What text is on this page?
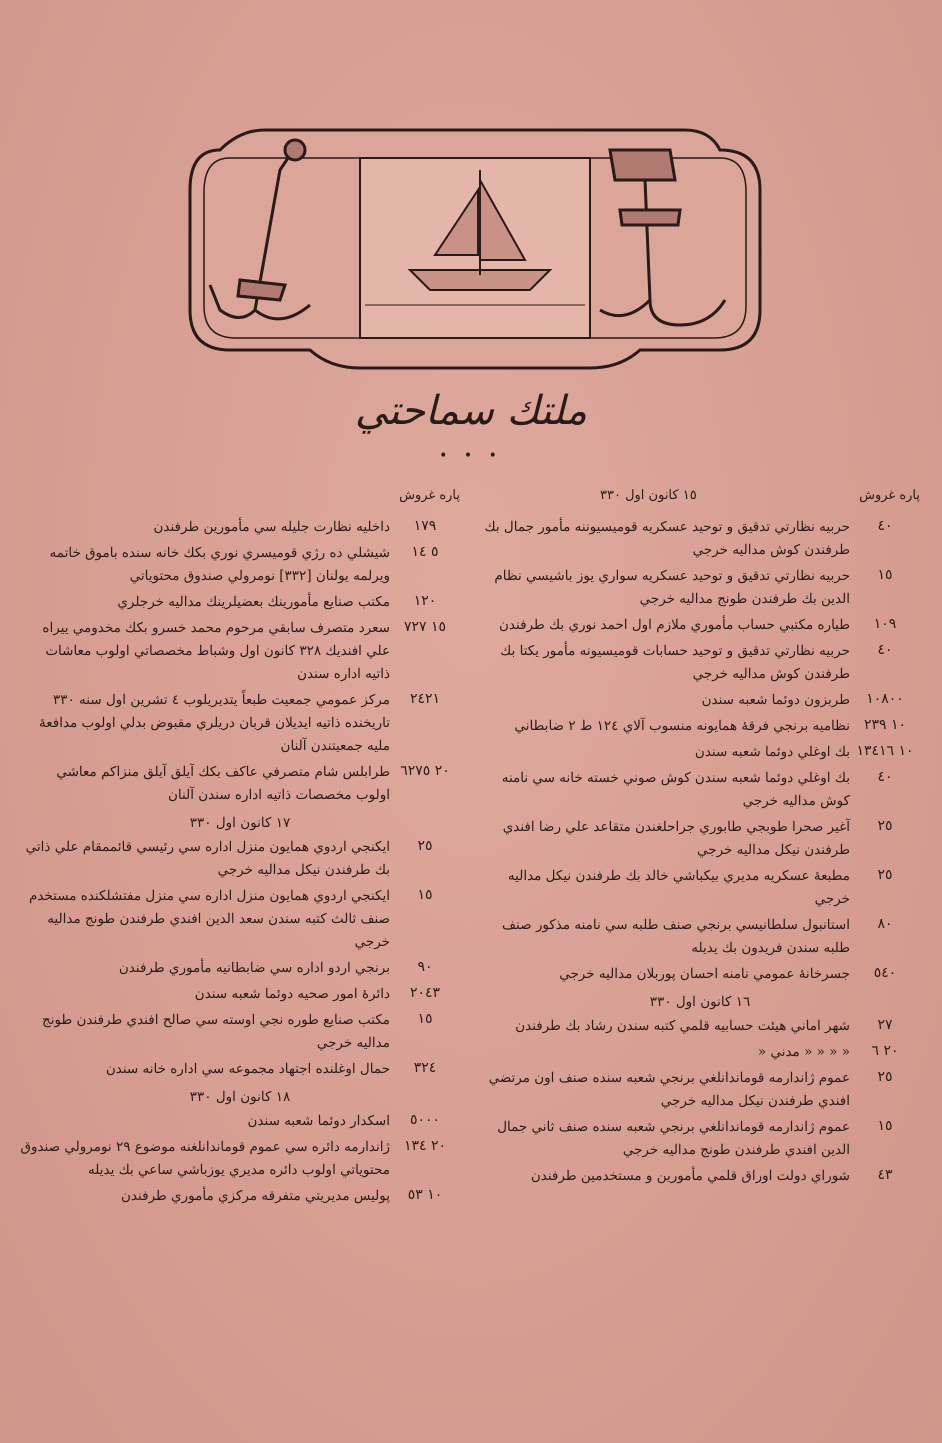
ملتك سماحتي
• • •
پاره غروش
١٥ كانون اول ٣٣٠
٤٠
حربيه نظارتي تدقيق و توحيد عسكريه قوميسيوننه مأمور جمال بك طرفندن كوش مداليه خرجي
١٥
حربيه نظارتي تدقيق و توحيد عسكريه سواري يوز باشيسي نظام الدين بك طرفندن طونج مداليه خرجي
١٠٩
طياره مكتبي حساب مأموري ملازم اول احمد نوري بك طرفندن
٤٠
حربيه نظارتي تدقيق و توحيد حسابات قوميسيونه مأمور يكتا بك طرفندن كوش مداليه خرجي
١٠٨٠٠
طربزون دوئما شعبه سندن
١٠ ٢٣٩
نظاميه برنجي فرقۀ همايونه منسوب آلاي ١٢٤ ط ٢ ضابطاني
١٠ ١٣٤١٦
بك اوغلي دوئما شعبه سندن
٤٠
بك اوغلي دوئما شعبه سندن كوش صوني خسته خانه سي نامنه كوش مداليه خرجي
٢٥
آغير صحرا طوبجي طابوري جراحلغندن متقاعد علي رضا افندي طرفندن نيكل مداليه خرجي
٢٥
مطبعۀ عسكريه مديري بيكباشي خالد بك طرفندن نيكل مداليه خرجي
٨٠
استانبول سلطانيسي برنجي صنف طلبه سي نامنه مذكور صنف طلبه سندن فريدون بك يديله
٥٤٠
جسرخانۀ عمومي نامنه احسان پوربلان مداليه خرجي
١٦ كانون اول ٣٣٠
٢٧
شهر اماني هيئت حسابيه قلمي كتبه سندن رشاد بك طرفندن
٢٠ ٦
« « « « مدني «
٢٥
عموم ژاندارمه قوماندانلغي برنجي شعبه سنده صنف اون مرتضي افندي طرفندن نيكل مداليه خرجي
١٥
عموم ژاندارمه قوماندانلغي برنجي شعبه سنده صنف ثاني جمال الدين افندي طرفندن طونج مداليه خرجي
٤٣
شوراي دولت اوراق قلمي مأمورين و مستخدمين طرفندن
پاره غروش
١٧٩
داخليه نظارت جليله سي مأمورين طرفندن
٥ ١٤
شيشلي ده رژي قوميسري نوري بكك خانه سنده باموق خاتمه ويرلمه يولنان [٣٣٢] نومرولي صندوق محتوياتي
١٢٠
مكتب صنايع مأمورينك بعضيلرينك مداليه خرجلري
١٥ ٧٢٧
سعرد متصرف سابقي مرحوم محمد خسرو بكك مخدومي ييراه علي افنديك ٣٢٨ كانون اول وشباط مخصصاتي اولوب معاشات ذاتيه اداره سندن
٢٤٢١
مركز عمومي جمعيت طبعاً يتديريلوب ٤ تشرين اول سنه ٣٣٠ تاريخنده ذاتيه ايديلان قربان دريلري مقبوض بدلي اولوب مدافعۀ مليه جمعيتندن آلنان
٢٠ ٦٢٧٥
طرابلس شام متصرفي عاكف بكك آيلق آيلق منزاكم معاشي اولوب مخصصات ذاتيه اداره سندن آلنان
١٧ كانون اول ٣٣٠
٢٥
ايكنجي اردوي همايون منزل اداره سي رئيسي قائممقام علي ذاتي بك طرفندن نيكل مداليه خرجي
١٥
ايكنجي اردوي همايون منزل اداره سي منزل مفتشلكنده مستخدم صنف ثالث كتبه سندن سعد الدين افندي طرفندن طونج مداليه خرجي
٩٠
برنجي اردو اداره سي ضابطانيه مأموري طرفندن
٢٠٤٣
دائرۀ امور صحيه دوئما شعبه سندن
١٥
مكتب صنايع طوره نجي اوسته سي صالح افندي طرفندن طونج مداليه خرجي
٣٢٤
حمال اوغلنده اجتهاد مجموعه سي اداره خانه سندن
١٨ كانون اول ٣٣٠
٥٠٠٠
اسكدار دوئما شعبه سندن
٢٠ ١٣٤
ژاندارمه دائره سي عموم قوماندانلغنه موضوع ٢٩ نومرولي صندوق محتوياتي اولوب دائره مديري يوزباشي ساعي بك يديله
١٠ ٥٣
پوليس مديريتي متفرقه مركزي مأموري طرفندن
